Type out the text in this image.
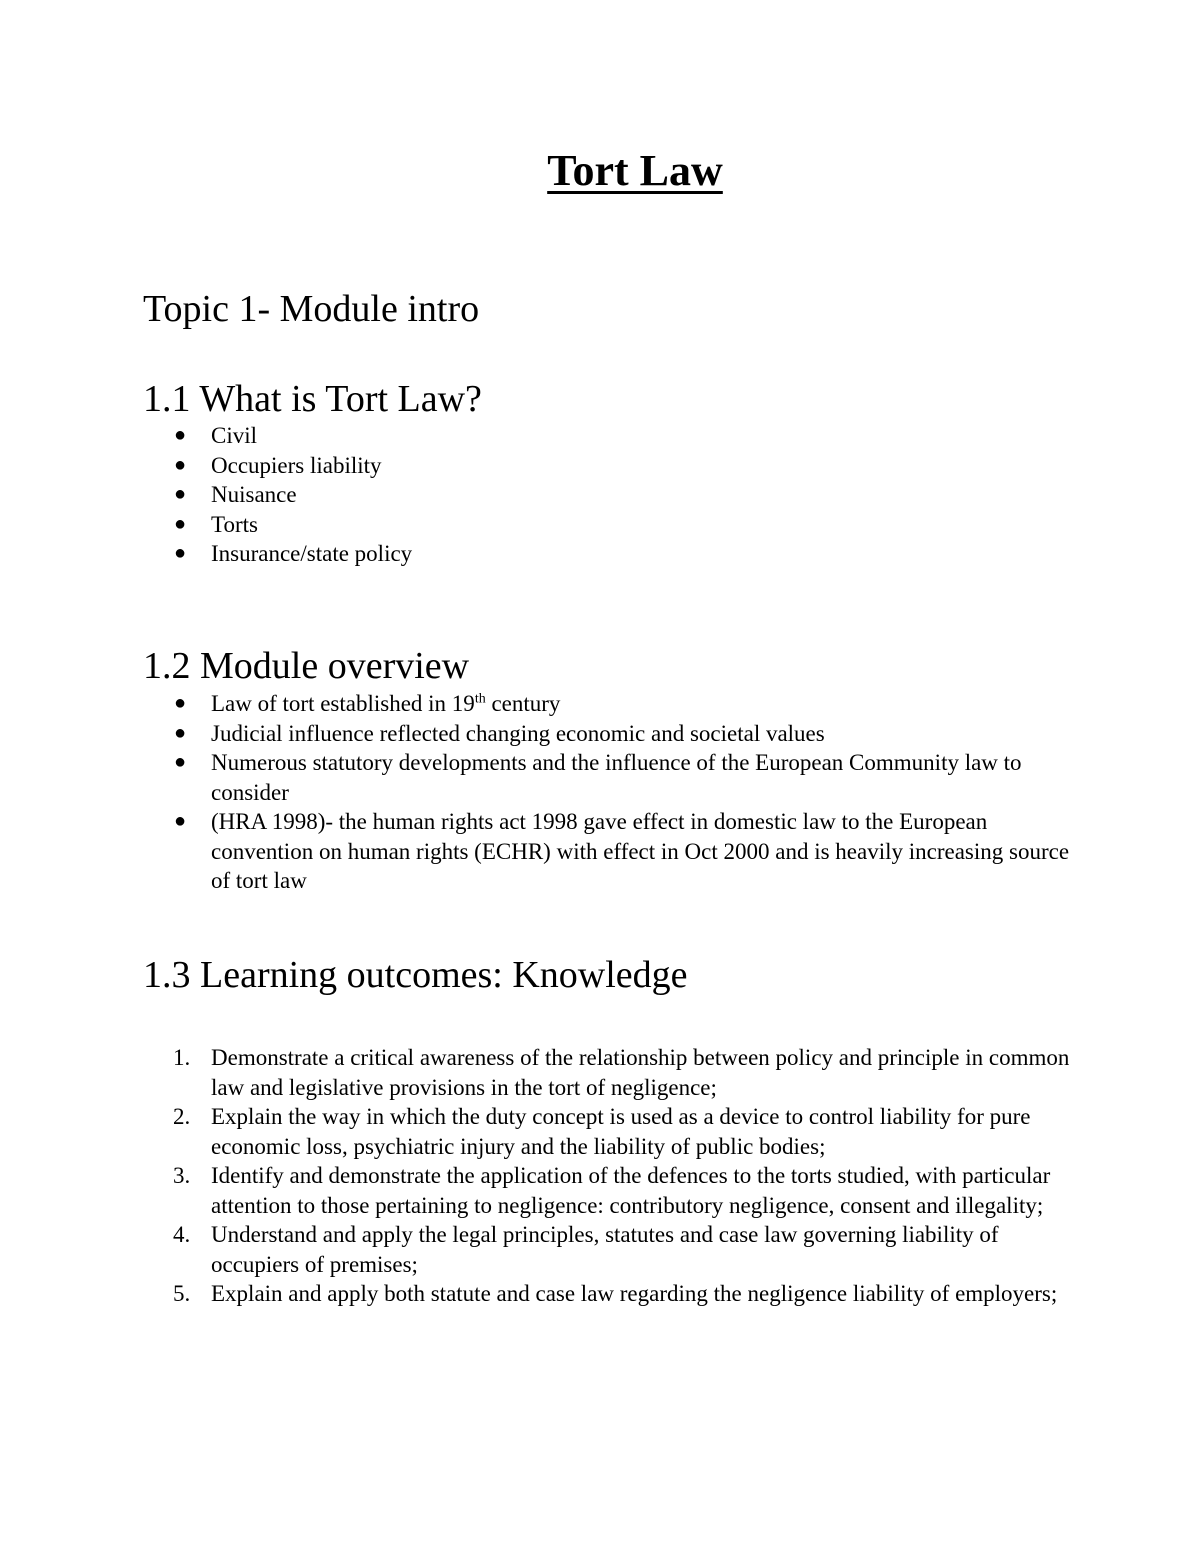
Tort Law
Topic 1- Module intro
1.1 What is Tort Law?
● Civil
● Occupiers liability
● Nuisance
● Torts
● Insurance/state policy
1.2 Module overview
● Law of tort established in 19th century
● Judicial influence reflected changing economic and societal values
● Numerous statutory developments and the influence of the European Community law to consider
● (HRA 1998)- the human rights act 1998 gave effect in domestic law to the European convention on human rights (ECHR) with effect in Oct 2000 and is heavily increasing source of tort law
1.3 Learning outcomes: Knowledge
1. Demonstrate a critical awareness of the relationship between policy and principle in common law and legislative provisions in the tort of negligence;
2. Explain the way in which the duty concept is used as a device to control liability for pure economic loss, psychiatric injury and the liability of public bodies;
3. Identify and demonstrate the application of the defences to the torts studied, with particular attention to those pertaining to negligence: contributory negligence, consent and illegality;
4. Understand and apply the legal principles, statutes and case law governing liability of occupiers of premises;
5. Explain and apply both statute and case law regarding the negligence liability of employers;
